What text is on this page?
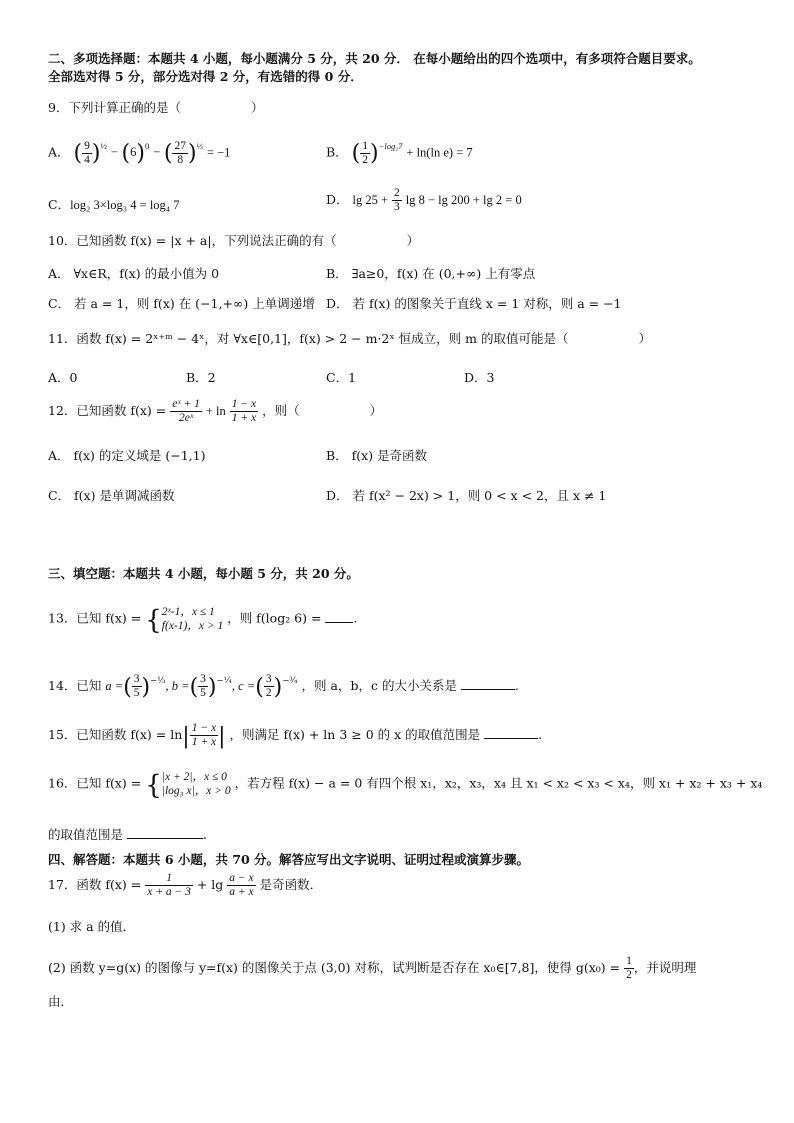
二、多项选择题：本题共 4 小题，每小题满分 5 分，共 20 分． 在每小题给出的四个选项中，有多项符合题目要求。
全部选对得 5 分，部分选对得 2 分，有选错的得 0 分．
9．下列计算正确的是（	）
A． ( $\frac{9}{4} )^{\frac{1}{2}} - (6)^0$ − ( $\frac{27}{8} )^{\frac{1}{3}} = -1$	B． ( $\frac{1}{2} )^{-log_27} + \ln(\ln$ e) = 7
C．log₂ 3×log₃ 4 = log₄ 7	D． $\lg 25 + \frac{2}{3}$ lg 8 − lg 200 + lg 2 = 0
10．已知函数 f(x) = |x + a|，下列说法正确的有（	）
A． ∀x∈R，f(x) 的最小值为 0	B． ∃a≥0，f(x) 在 (0,+∞) 上有零点
C． 若 a = 1，则 f(x) 在 (−1,+∞) 上单调递增 D． 若 f(x) 的图象关于直线 x = 1 对称，则 a = −1
11．函数 f(x) = 2ˣ⁺ᵐ − 4ˣ，对 ∀x∈[0,1]，f(x) > 2 − m·2ˣ 恒成立，则 m 的取值可能是（	）
A．0	B．2	C．1	D．3
12．已知函数 $f(x) = \frac{\text{eˣ + 1}}{\text{2eˣ}} + \ln \frac{1 - x}{1 + x}$ ，则（	）
A． f(x) 的定义域是 (−1,1)	B． f(x) 是奇函数
C． f(x) 是单调减函数	D． 若 f(x² − 2x) > 1，则 0 < x < 2，且 x ≠ 1
三、填空题：本题共 4 小题，每小题 5 分，共 20 分。
13．已知 f(x) = { 2ˣ-1，x ≤ 1
f(x-1)，x > 1
，则 f(log₂ 6) =	.
14．已知 a =( $\frac{3}{5} )^{-\frac{1}{3}}$, b =( $\frac{3}{5} )^{-\frac{1}{4}}$, c =( $\frac{3}{2} )^{-\frac{3}{4}}$ ，则 a，b，c 的大小关系是	.
15．已知函数 $f(x) = \ln| \frac{1 - x}{1 + x}$ | ，则满足 f(x) + ln 3 ≥ 0 的 x 的取值范围是	.
16．已知 f(x) = { |x + 2|，x ≤ 0
|log₃ x|，x > 0
，若方程 f(x) − a = 0 有四个根 x₁，x₂，x₃，x₄ 且 x₁ < x₂ < x₃ < x₄，则 x₁ + x₂ + x₃ + x₄
的取值范围是	.
四、解答题：本题共 6 小题，共 70 分。解答应写出文字说明、证明过程或演算步骤。
17．函数 $f(x) = \frac{1}{x + a - 3} + \lg \frac{a - x}{a + x}$ 是奇函数．
(1) 求 a 的值．
(2) 函数 y=g(x) 的图像与 y=f(x) 的图像关于点 (3,0) 对称，试判断是否存在 x₀∈[7,8]，使得 $g(x_0) = \frac{1}{2}$ ，并说明理
由．
